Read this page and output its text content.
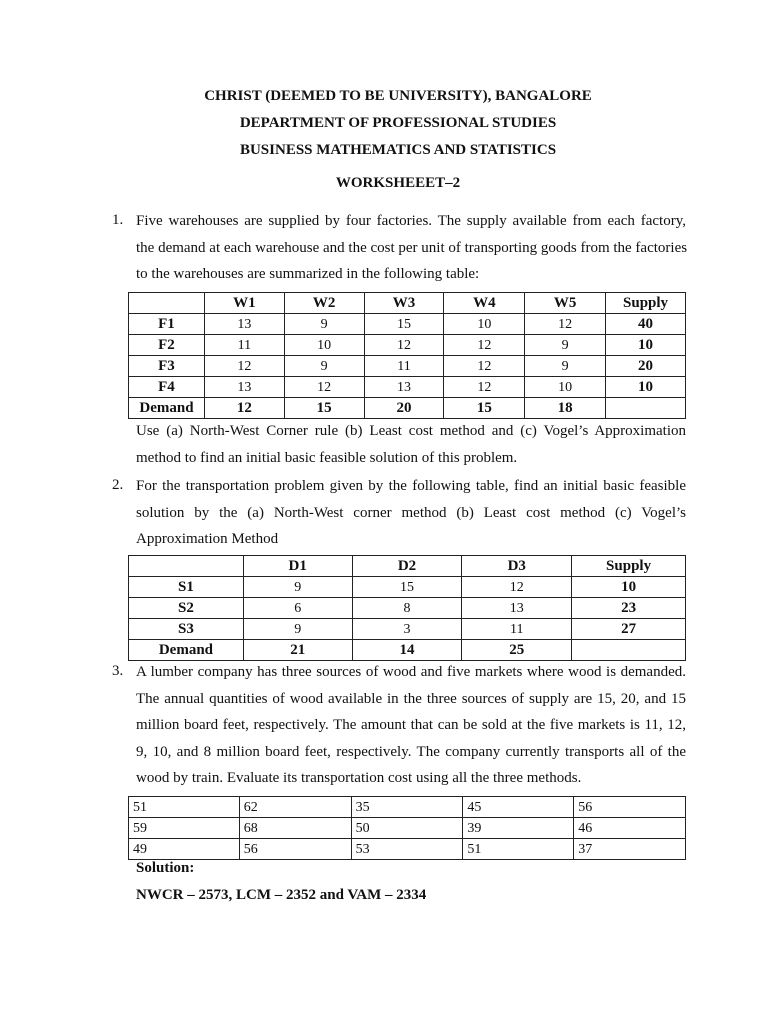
CHRIST (DEEMED TO BE UNIVERSITY), BANGALORE
DEPARTMENT OF PROFESSIONAL STUDIES
BUSINESS MATHEMATICS AND STATISTICS
WORKSHEEET–2
1. Five warehouses are supplied by four factories. The supply available from each factory,
the demand at each warehouse and the cost per unit of transporting goods from the factories
to the warehouses are summarized in the following table:
	W1	W2	W3	W4	W5	Supply
F1	13	9	15	10	12	40
F2	11	10	12	12	9	10
F3	12	9	11	12	9	20
F4	13	12	13	12	10	10
Demand	12	15	20	15	18	
Use (a) North-West Corner rule (b) Least cost method and (c) Vogel’s Approximation
method to find an initial basic feasible solution of this problem.
2. For the transportation problem given by the following table, find an initial basic feasible
solution by the (a) North-West corner method (b) Least cost method (c) Vogel’s
Approximation Method
	D1	D2	D3	Supply
S1	9	15	12	10
S2	6	8	13	23
S3	9	3	11	27
Demand	21	14	25	
3. A lumber company has three sources of wood and five markets where wood is demanded.
The annual quantities of wood available in the three sources of supply are 15, 20, and 15
million board feet, respectively. The amount that can be sold at the five markets is 11, 12,
9, 10, and 8 million board feet, respectively. The company currently transports all of the
wood by train. Evaluate its transportation cost using all the three methods.
51	62	35	45	56
59	68	50	39	46
49	56	53	51	37
Solution:
NWCR – 2573, LCM – 2352 and VAM – 2334
